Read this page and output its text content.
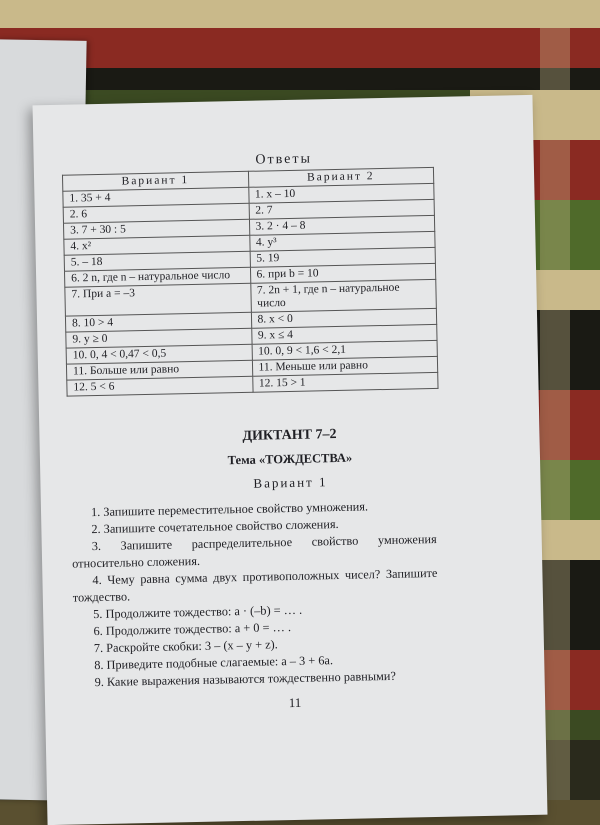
Ответы
Вариант 1	Вариант 2
1. 35 + 4	1. x – 10
2. 6	2. 7
3. 7 + 30 : 5	3. 2 · 4 – 8
4. x²	4. y³
5. – 18	5. 19
6. 2 n, где n – натуральное число	6. при b = 10
7. При a = –3	7. 2n + 1, где n – натуральное число
8. 10 > 4	8. x < 0
9. y ≥ 0	9. x ≤ 4
10. 0, 4 < 0,47 < 0,5	10. 0, 9 < 1,6 < 2,1
11. Больше или равно	11. Меньше или равно
12. 5 < 6	12. 15 > 1
ДИКТАНТ 7–2
Тема «ТОЖДЕСТВА»
Вариант 1
1. Запишите переместительное свойство умножения.
2. Запишите сочетательное свойство сложения.
3. Запишите распределительное свойство умножения относительно сложения.
4. Чему равна сумма двух противоположных чисел? Запишите тождество.
5. Продолжите тождество: a · (–b) = … .
6. Продолжите тождество: a + 0 = … .
7. Раскройте скобки: 3 – (x – y + z).
8. Приведите подобные слагаемые: a – 3 + 6a.
9. Какие выражения называются тождественно равными?
11
